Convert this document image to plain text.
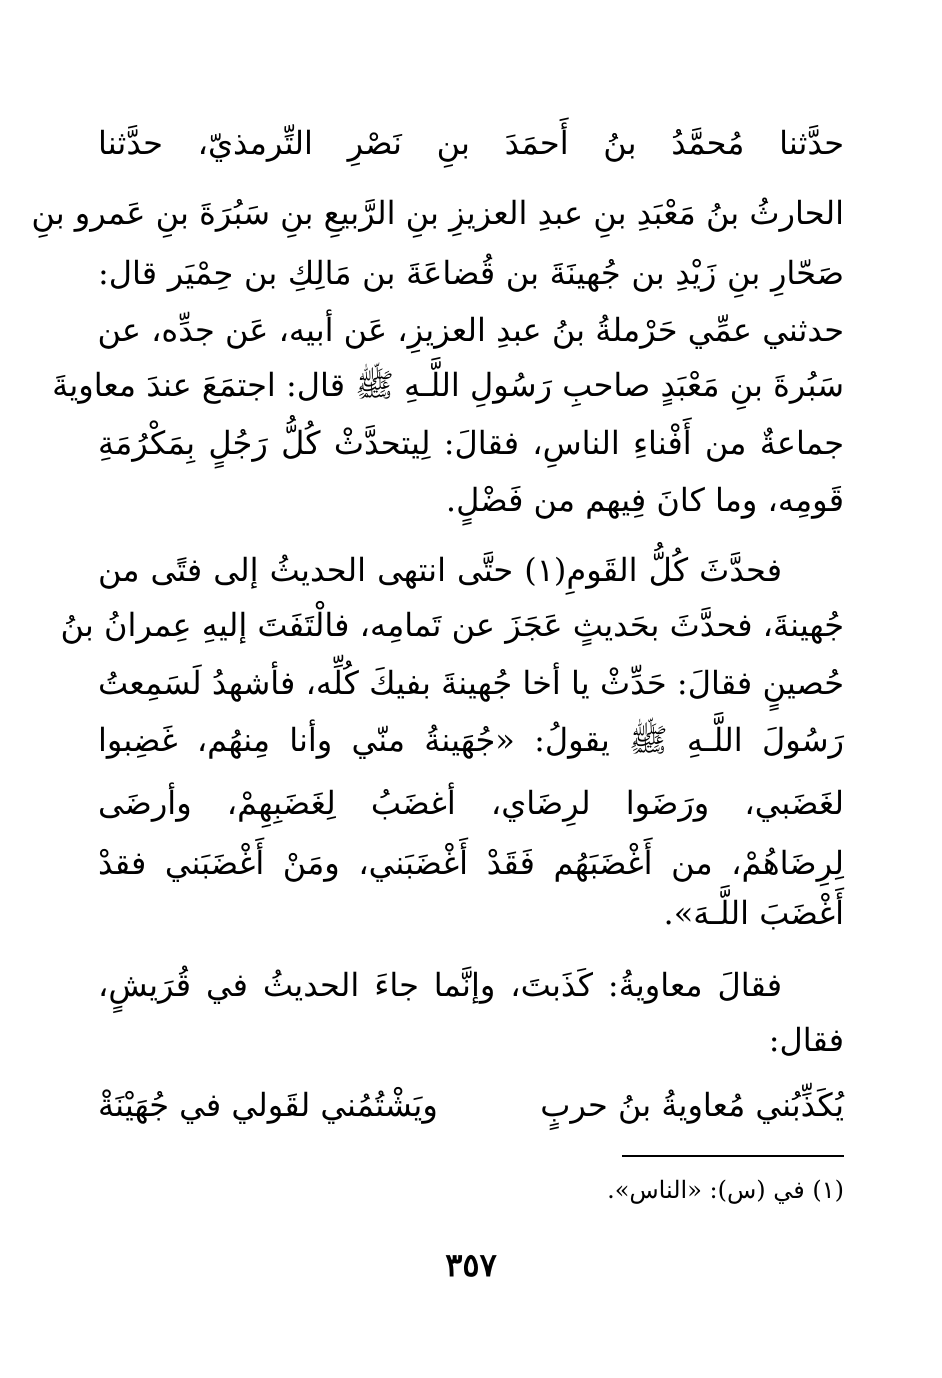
حدَّثنا مُحمَّدُ بنُ أَحمَدَ بنِ نَصْرِ التِّرمذيّ، حدَّثنا
الحارثُ بنُ مَعْبَدِ بنِ عبدِ العزيزِ بنِ الرَّبيعِ بنِ سَبُرَةَ بنِ عَمرو بنِ
صَحّارِ بنِ زَيْدِ بن جُهينَةَ بن قُضاعَةَ بن مَالِكِ بن حِمْيَر قال:
حدثني عمِّي حَرْملةُ بنُ عبدِ العزيزِ، عَن أبيه، عَن جدِّه، عن
سَبُرةَ بنِ مَعْبَدٍ صاحبِ رَسُولِ اللَّـهِ ﷺ قال: اجتمَعَ عندَ معاويةَ
جماعةٌ من أَفْناءِ الناسِ، فقالَ: لِيتحدَّثْ كُلُّ رَجُلٍ بِمَكْرُمَةِ
قَومِه، وما كانَ فِيهم من فَضْلٍ.
فحدَّثَ كُلُّ القَومِ(١) حتَّى انتهى الحديثُ إلى فتًى من
جُهينةَ، فحدَّثَ بحَديثٍ عَجَزَ عن تَمامِه، فالْتَفَتَ إليهِ عِمرانُ بنُ
حُصينٍ فقالَ: حَدِّثْ يا أخا جُهينةَ بفيكَ كُلِّه، فأشهدُ لَسَمِعتُ
رَسُولَ اللَّـهِ ﷺ يقولُ: «جُهَينةُ منّي وأنا مِنهُم، غَضِبوا
لغَضَبي، ورَضَوا لرِضَاي، أغضَبُ لِغَضَبِهِمْ، وأرضَى
لِرِضَاهُمْ، من أَغْضَبَهُم فَقَدْ أَغْضَبَني، ومَنْ أَغْضَبَني فقدْ
أَغْضَبَ اللَّـهَ».
فقالَ معاويةُ: كَذَبتَ، وإنَّما جاءَ الحديثُ في قُرَيشٍ،
فقال:
يُكَذِّبُني مُعاويةُ بنُ حربٍ
ويَشْتُمُني لقَولي في جُهَيْنَةْ
(١) في (س): «الناس».
٣٥٧
